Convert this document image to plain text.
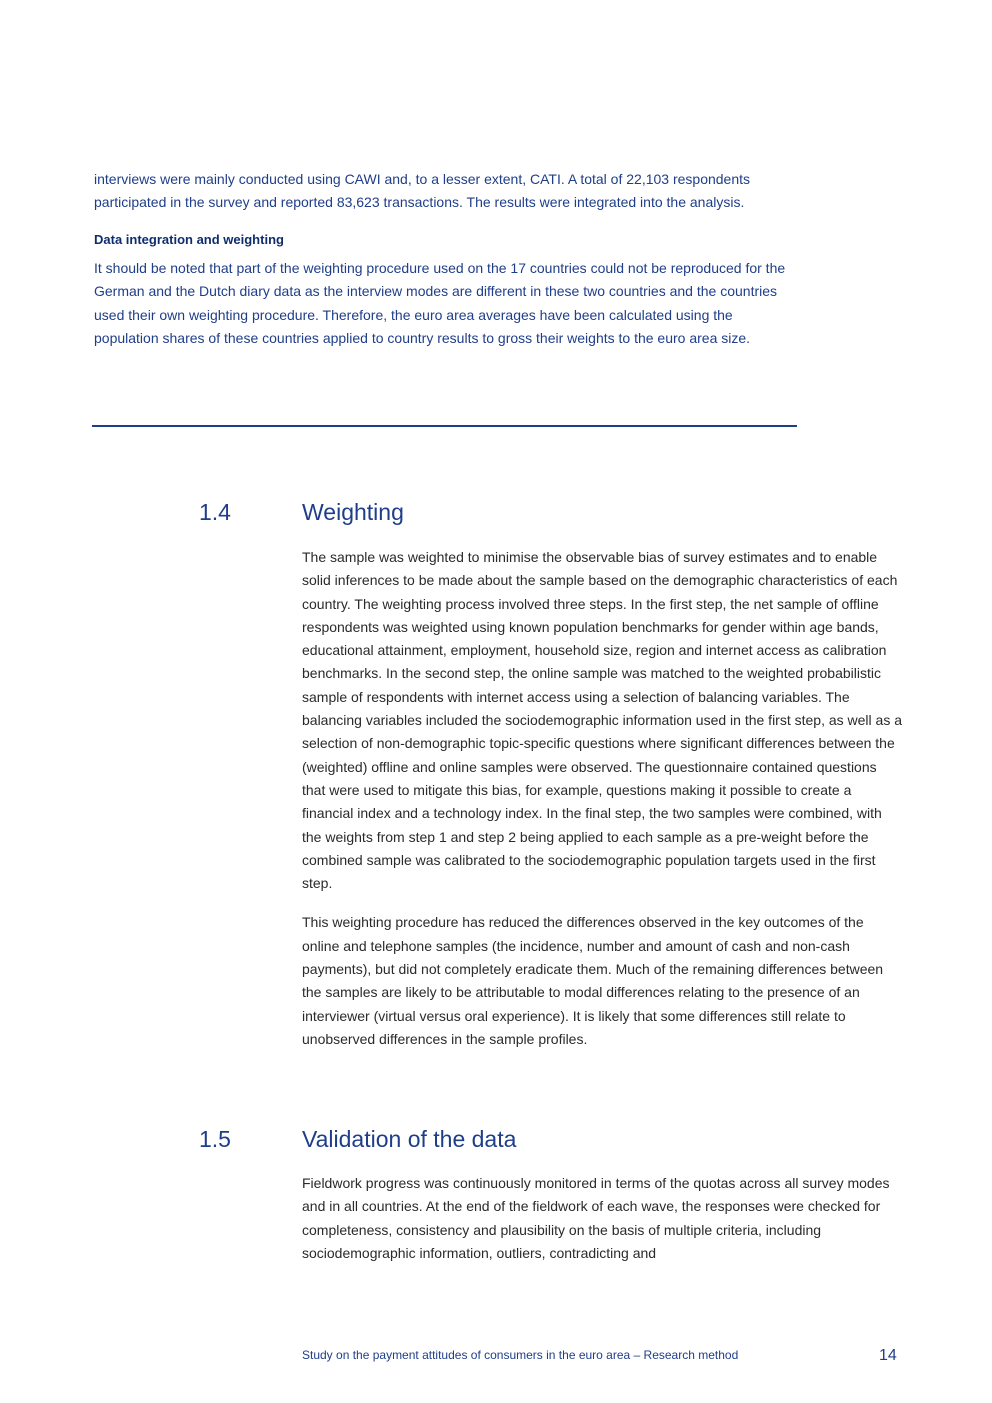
interviews were mainly conducted using CAWI and, to a lesser extent, CATI. A total of 22,103 respondents participated in the survey and reported 83,623 transactions. The results were integrated into the analysis.

Data integration and weighting

It should be noted that part of the weighting procedure used on the 17 countries could not be reproduced for the German and the Dutch diary data as the interview modes are different in these two countries and the countries used their own weighting procedure. Therefore, the euro area averages have been calculated using the population shares of these countries applied to country results to gross their weights to the euro area size.

1.4	Weighting

The sample was weighted to minimise the observable bias of survey estimates and to enable solid inferences to be made about the sample based on the demographic characteristics of each country. The weighting process involved three steps. In the first step, the net sample of offline respondents was weighted using known population benchmarks for gender within age bands, educational attainment, employment, household size, region and internet access as calibration benchmarks. In the second step, the online sample was matched to the weighted probabilistic sample of respondents with internet access using a selection of balancing variables. The balancing variables included the sociodemographic information used in the first step, as well as a selection of non-demographic topic-specific questions where significant differences between the (weighted) offline and online samples were observed. The questionnaire contained questions that were used to mitigate this bias, for example, questions making it possible to create a financial index and a technology index. In the final step, the two samples were combined, with the weights from step 1 and step 2 being applied to each sample as a pre-weight before the combined sample was calibrated to the sociodemographic population targets used in the first step.

This weighting procedure has reduced the differences observed in the key outcomes of the online and telephone samples (the incidence, number and amount of cash and non-cash payments), but did not completely eradicate them. Much of the remaining differences between the samples are likely to be attributable to modal differences relating to the presence of an interviewer (virtual versus oral experience). It is likely that some differences still relate to unobserved differences in the sample profiles.

1.5	Validation of the data

Fieldwork progress was continuously monitored in terms of the quotas across all survey modes and in all countries. At the end of the fieldwork of each wave, the responses were checked for completeness, consistency and plausibility on the basis of multiple criteria, including sociodemographic information, outliers, contradicting and

Study on the payment attitudes of consumers in the euro area – Research method	14
